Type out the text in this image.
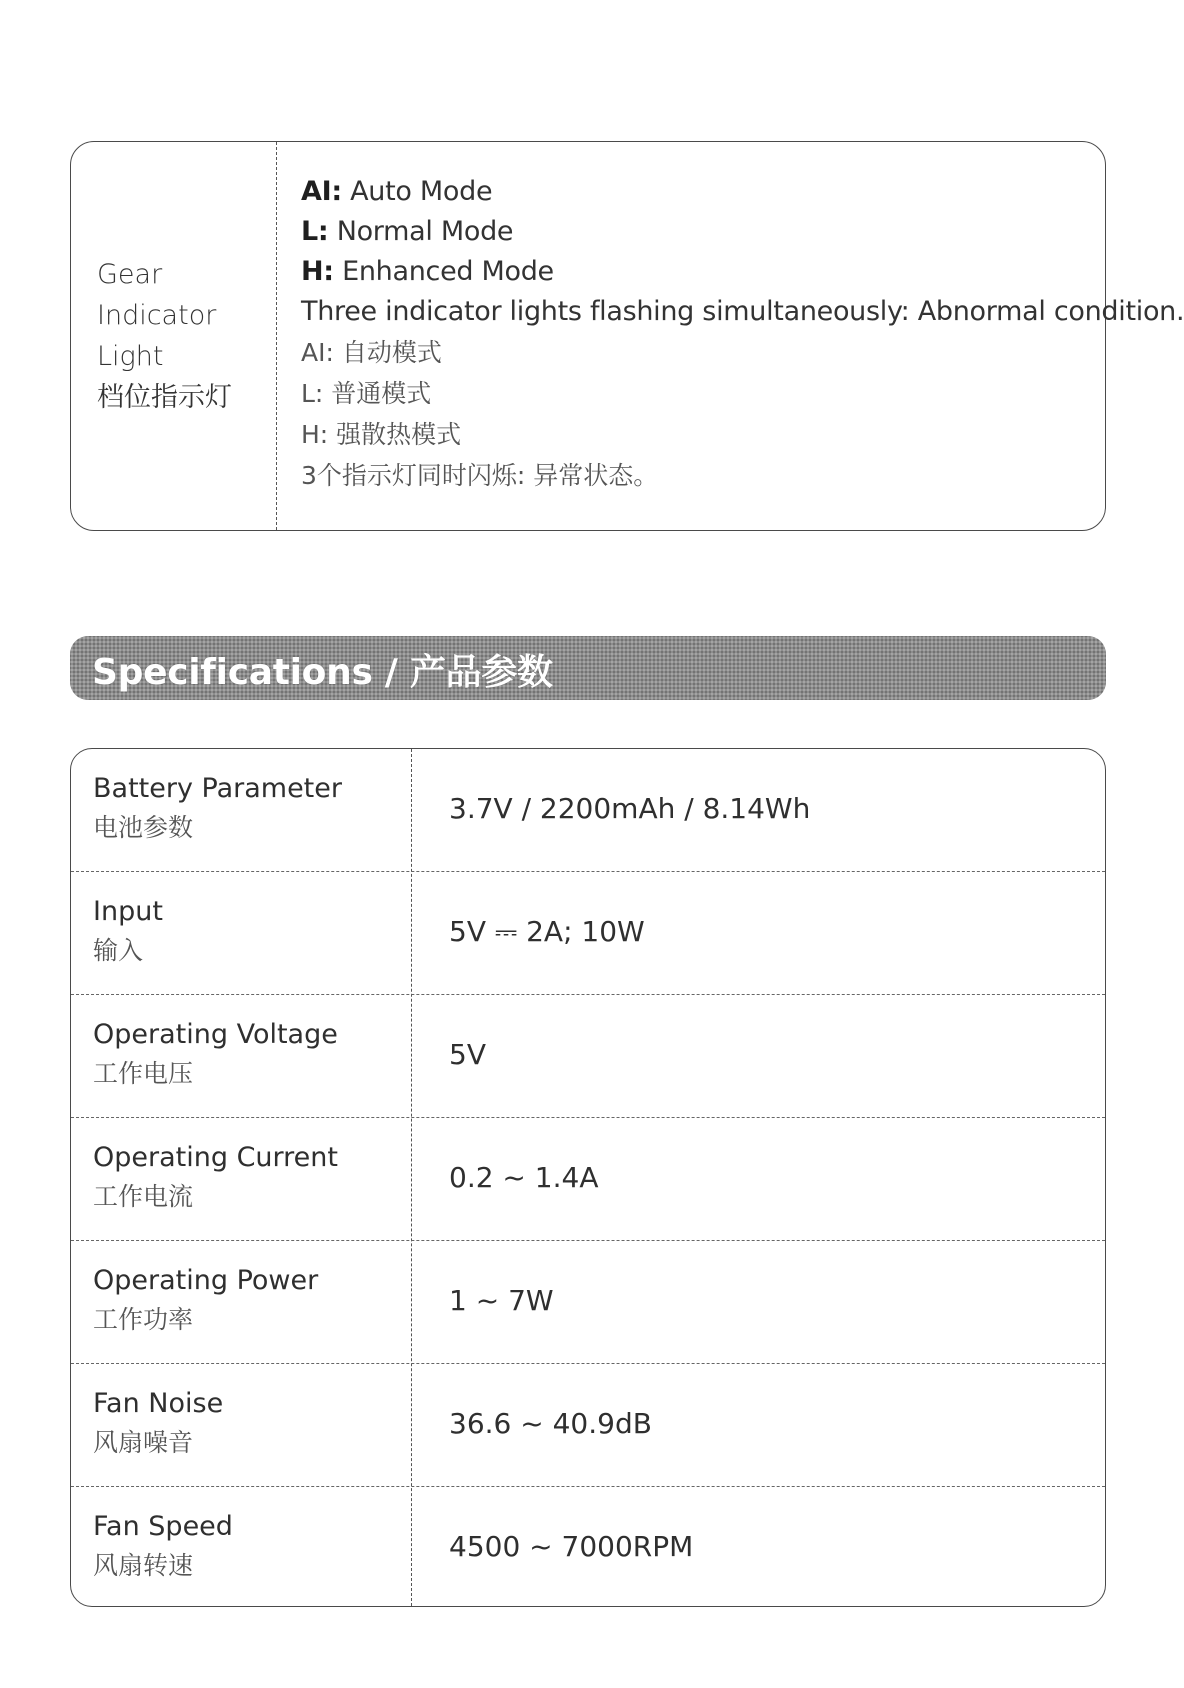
Gear
Indicator
Light
档位指示灯
AI: Auto Mode
L: Normal Mode
H: Enhanced Mode
Three indicator lights flashing simultaneously: Abnormal condition.
AI: 自动模式
L: 普通模式
H: 强散热模式
3个指示灯同时闪烁: 异常状态。
Specifications / 产品参数
Battery Parameter
电池参数
3.7V / 2200mAh / 8.14Wh
Input
输入
5V ⎓ 2A; 10W
Operating Voltage
工作电压
5V
Operating Current
工作电流
0.2 ~ 1.4A
Operating Power
工作功率
1 ~ 7W
Fan Noise
风扇噪音
36.6 ~ 40.9dB
Fan Speed
风扇转速
4500 ~ 7000RPM
